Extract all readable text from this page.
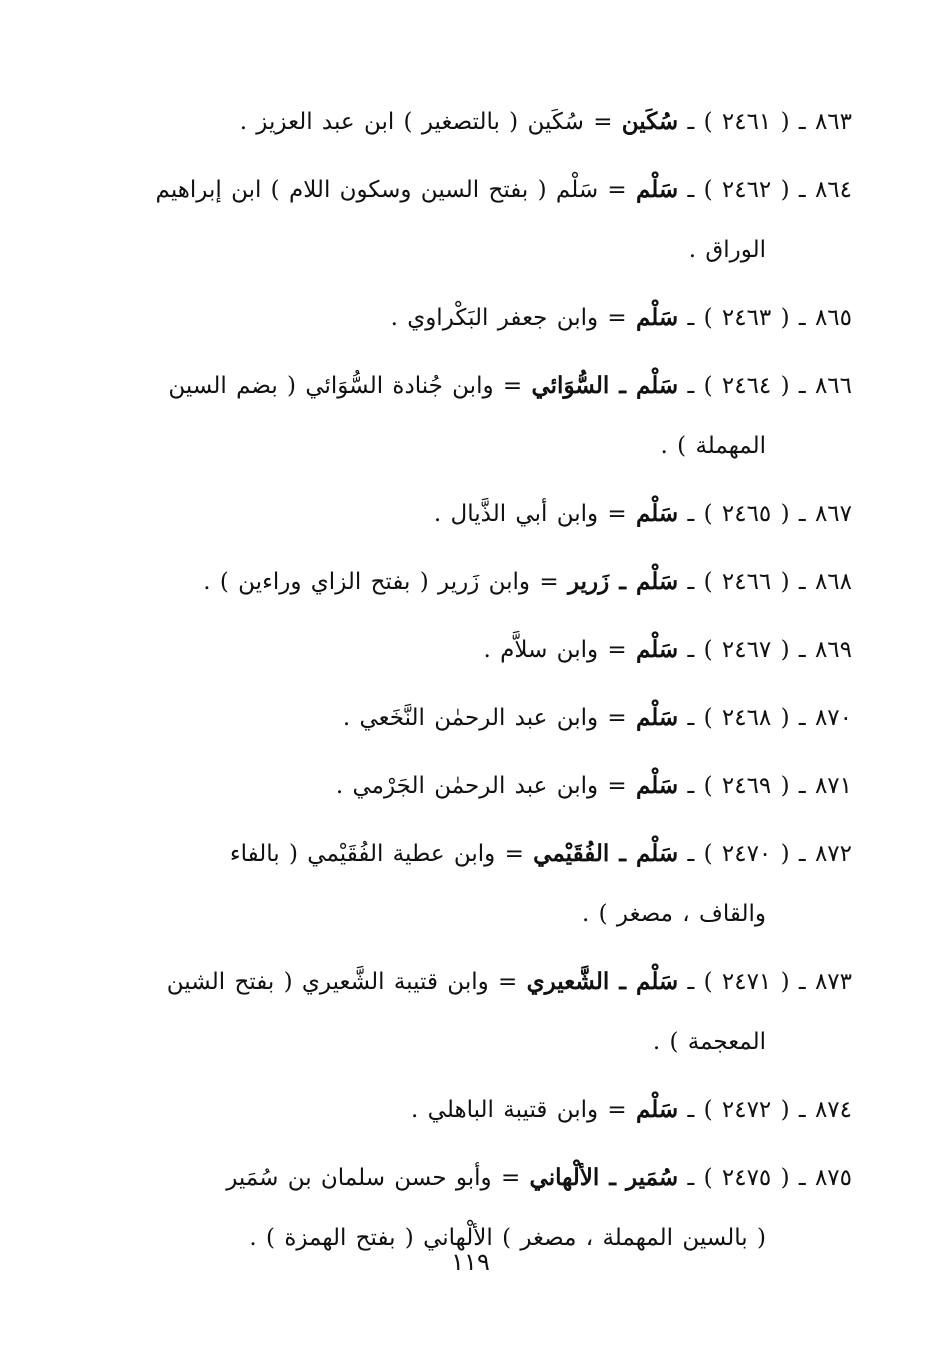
٨٦٣ ـ ( ٢٤٦١ ) ـ سُكَين = سُكَين ( بالتصغير ) ابن عبد العزيز .

٨٦٤ ـ ( ٢٤٦٢ ) ـ سَلْم = سَلْم ( بفتح السين وسكون اللام ) ابن إبراهيم
الوراق .

٨٦٥ ـ ( ٢٤٦٣ ) ـ سَلْم = وابن جعفر البَكْراوي .

٨٦٦ ـ ( ٢٤٦٤ ) ـ سَلْم ـ السُّوَائي = وابن جُنادة السُّوَائي ( بضم السين
المهملة ) .

٨٦٧ ـ ( ٢٤٦٥ ) ـ سَلْم = وابن أبي الذَّيال .

٨٦٨ ـ ( ٢٤٦٦ ) ـ سَلْم ـ زَرير = وابن زَرير ( بفتح الزاي وراءين ) .

٨٦٩ ـ ( ٢٤٦٧ ) ـ سَلْم = وابن سلاَّم .

٨٧٠ ـ ( ٢٤٦٨ ) ـ سَلْم = وابن عبد الرحمٰن النَّخَعي .

٨٧١ ـ ( ٢٤٦٩ ) ـ سَلْم = وابن عبد الرحمٰن الجَرْمي .

٨٧٢ ـ ( ٢٤٧٠ ) ـ سَلْم ـ الفُقَيْمي = وابن عطية الفُقَيْمي ( بالفاء
والقاف ، مصغر ) .

٨٧٣ ـ ( ٢٤٧١ ) ـ سَلْم ـ الشَّعيري = وابن قتيبة الشَّعيري ( بفتح الشين
المعجمة ) .

٨٧٤ ـ ( ٢٤٧٢ ) ـ سَلْم = وابن قتيبة الباهلي .

٨٧٥ ـ ( ٢٤٧٥ ) ـ سُمَير ـ الألْهاني = وأبو حسن سلمان بن سُمَير
( بالسين المهملة ، مصغر ) الألْهاني ( بفتح الهمزة ) .

١١٩
